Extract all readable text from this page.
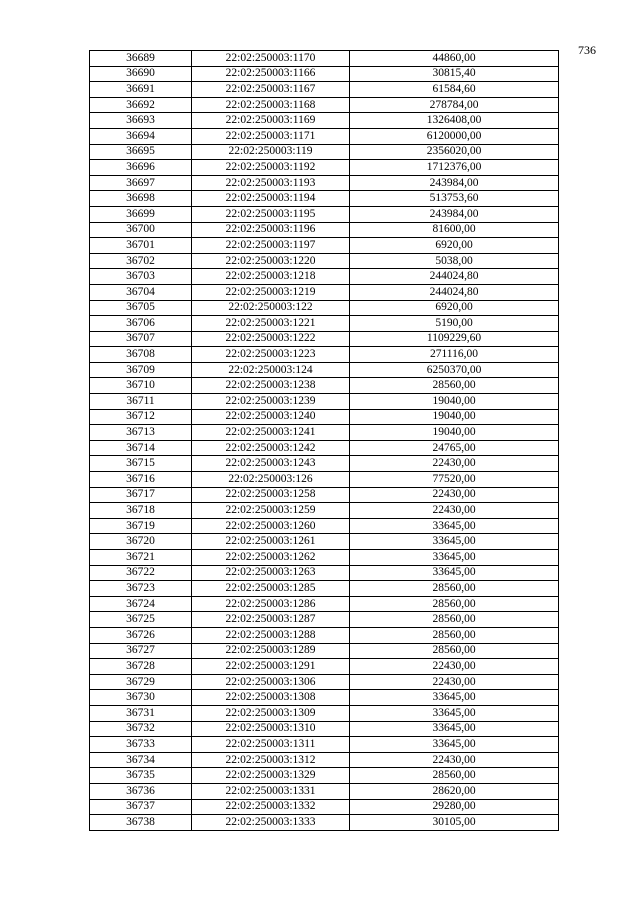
736
36689	22:02:250003:1170	44860,00
36690	22:02:250003:1166	30815,40
36691	22:02:250003:1167	61584,60
36692	22:02:250003:1168	278784,00
36693	22:02:250003:1169	1326408,00
36694	22:02:250003:1171	6120000,00
36695	22:02:250003:119	2356020,00
36696	22:02:250003:1192	1712376,00
36697	22:02:250003:1193	243984,00
36698	22:02:250003:1194	513753,60
36699	22:02:250003:1195	243984,00
36700	22:02:250003:1196	81600,00
36701	22:02:250003:1197	6920,00
36702	22:02:250003:1220	5038,00
36703	22:02:250003:1218	244024,80
36704	22:02:250003:1219	244024,80
36705	22:02:250003:122	6920,00
36706	22:02:250003:1221	5190,00
36707	22:02:250003:1222	1109229,60
36708	22:02:250003:1223	271116,00
36709	22:02:250003:124	6250370,00
36710	22:02:250003:1238	28560,00
36711	22:02:250003:1239	19040,00
36712	22:02:250003:1240	19040,00
36713	22:02:250003:1241	19040,00
36714	22:02:250003:1242	24765,00
36715	22:02:250003:1243	22430,00
36716	22:02:250003:126	77520,00
36717	22:02:250003:1258	22430,00
36718	22:02:250003:1259	22430,00
36719	22:02:250003:1260	33645,00
36720	22:02:250003:1261	33645,00
36721	22:02:250003:1262	33645,00
36722	22:02:250003:1263	33645,00
36723	22:02:250003:1285	28560,00
36724	22:02:250003:1286	28560,00
36725	22:02:250003:1287	28560,00
36726	22:02:250003:1288	28560,00
36727	22:02:250003:1289	28560,00
36728	22:02:250003:1291	22430,00
36729	22:02:250003:1306	22430,00
36730	22:02:250003:1308	33645,00
36731	22:02:250003:1309	33645,00
36732	22:02:250003:1310	33645,00
36733	22:02:250003:1311	33645,00
36734	22:02:250003:1312	22430,00
36735	22:02:250003:1329	28560,00
36736	22:02:250003:1331	28620,00
36737	22:02:250003:1332	29280,00
36738	22:02:250003:1333	30105,00
